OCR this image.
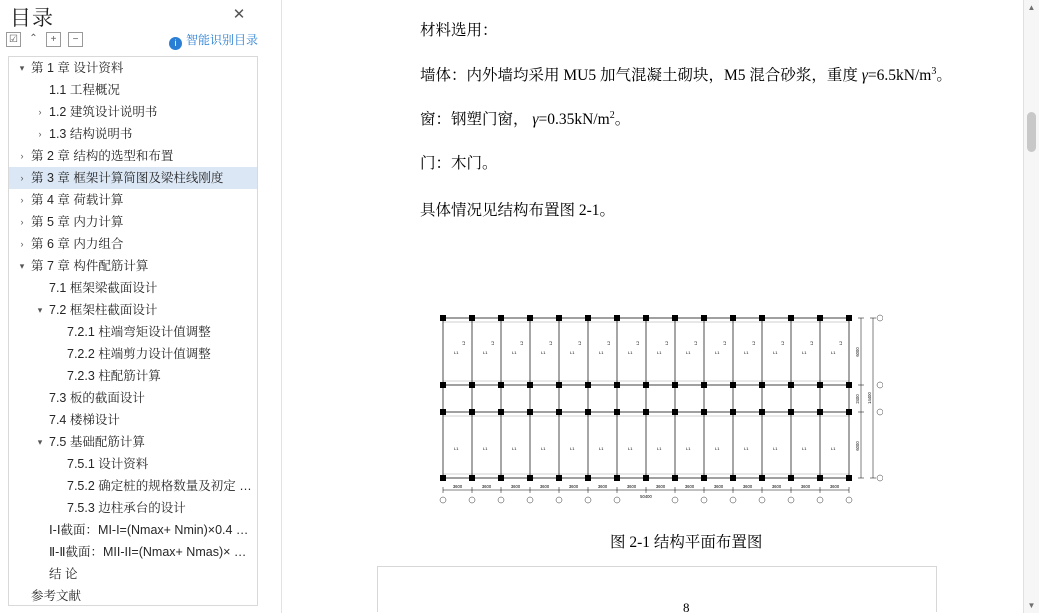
目录	✕
☑	⌃	+	−	i 智能识别目录
▾ 第 1 章 设计资料
1.1 工程概况
› 1.2 建筑设计说明书
› 1.3 结构说明书
› 第 2 章 结构的选型和布置
› 第 3 章 框架计算简图及梁柱线刚度
› 第 4 章 荷载计算
› 第 5 章 内力计算
› 第 6 章 内力组合
▾ 第 7 章 构件配筋计算
7.1 框架梁截面设计
▾ 7.2 框架柱截面设计
7.2.1 柱端弯矩设计值调整
7.2.2 柱端剪力设计值调整
7.2.3 柱配筋计算
7.3 板的截面设计
7.4 楼梯设计
▾ 7.5 基础配筋计算
7.5.1 设计资料
7.5.2 确定桩的规格数量及初定 …
7.5.3 边柱承台的设计
Ⅰ-Ⅰ截面：MI-I=(Nmax+ Nmin)×0.4 …
Ⅱ-Ⅱ截面：MII-II=(Nmax+ Nmas)× …
结 论
参考文献
材料选用：
墙体：内外墙均采用 MU5 加气混凝土砌块，M5 混合砂浆，重度 $\gamma=6.5kN/m^3$。
窗：钢塑门窗， $\gamma=0.35kN/m^2$。
门：木门。
具体情况见结构布置图 2-1。
L1	L1	L1	L1	L1	L1	L1	L1	L1	L1	L1	L1	L1	L1
L1	L1	L1	L1	L1	L1	L1	L1	L1	L1	L1	L1	L1	L1
L2	L2	L2	L2	L2	L2	L2	L2	L2	L2	L2	L2	L2	L2
3600	3600	3600	3600	3600	3600	3600	3600	3600	3600	3600	3600	3600	3600
50400
6000
2400
6000
14400
图 2-1 结构平面布置图
8
▲
▼
